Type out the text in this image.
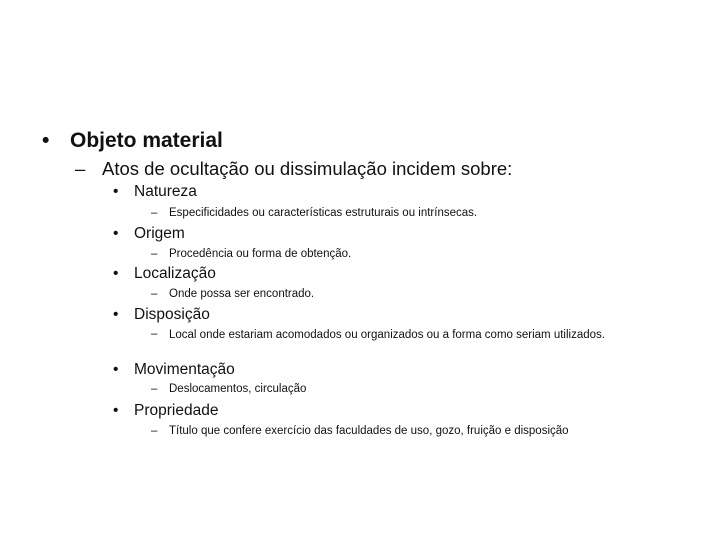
• Objeto material
– Atos de ocultação ou dissimulação incidem sobre:
• Natureza
– Especificidades ou características estruturais ou intrínsecas.
• Origem
– Procedência ou forma de obtenção.
• Localização
– Onde possa ser encontrado.
• Disposição
– Local onde estariam acomodados ou organizados ou a forma como seriam utilizados.
• Movimentação
– Deslocamentos, circulação
• Propriedade
– Título que confere exercício das faculdades de uso, gozo, fruição e disposição
